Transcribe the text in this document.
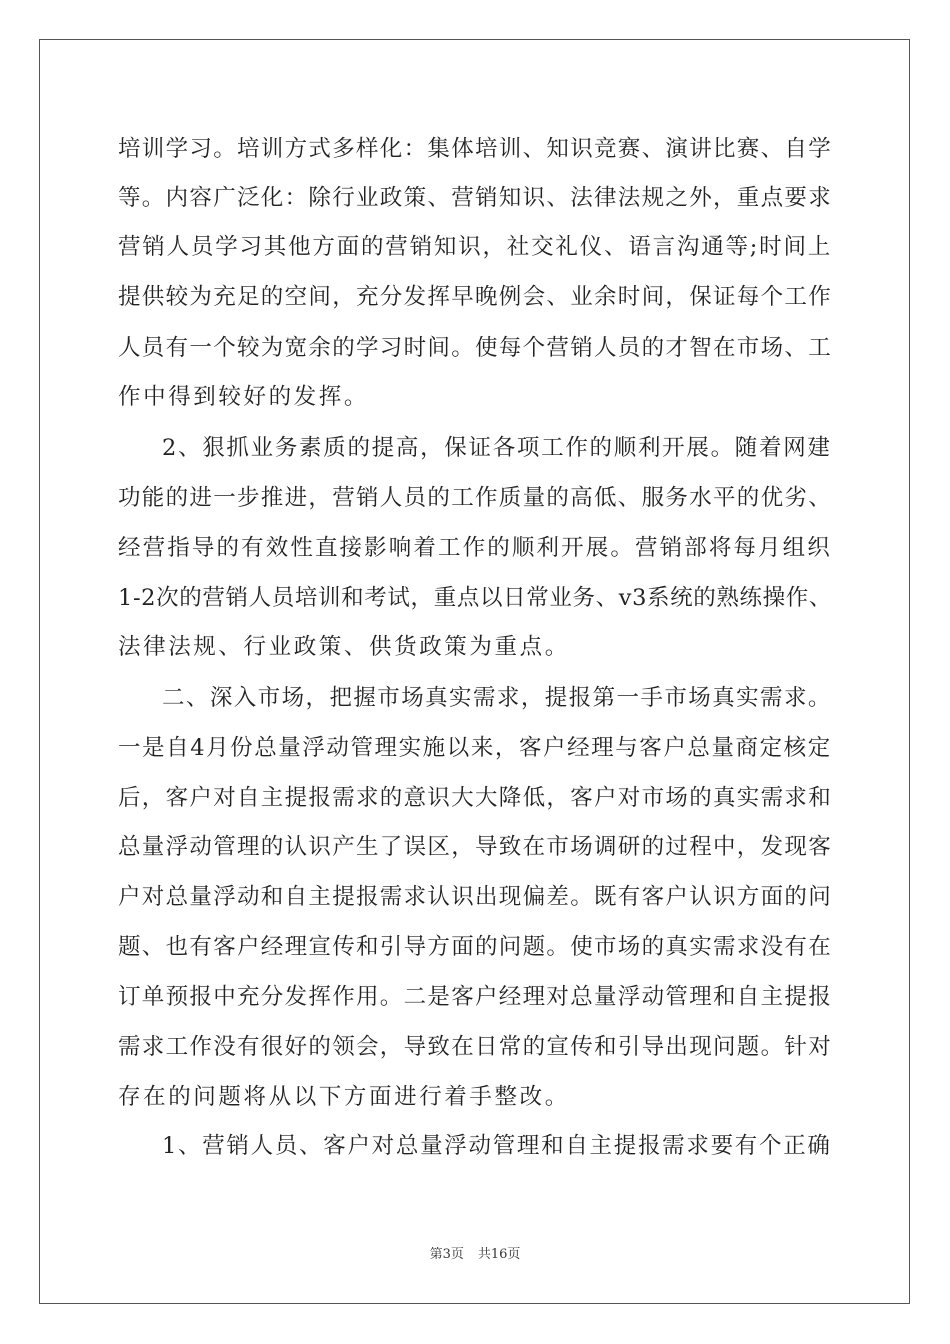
培训学习。培训方式多样化：集体培训、知识竞赛、演讲比赛、自学
等。内容广泛化：除行业政策、营销知识、法律法规之外，重点要求
营销人员学习其他方面的营销知识，社交礼仪、语言沟通等;时间上
提供较为充足的空间，充分发挥早晚例会、业余时间，保证每个工作
人员有一个较为宽余的学习时间。使每个营销人员的才智在市场、工
作中得到较好的发挥。
2、狠抓业务素质的提高，保证各项工作的顺利开展。随着网建
功能的进一步推进，营销人员的工作质量的高低、服务水平的优劣、
经营指导的有效性直接影响着工作的顺利开展。营销部将每月组织
1-2次的营销人员培训和考试，重点以日常业务、v3系统的熟练操作、
法律法规、行业政策、供货政策为重点。
二、深入市场，把握市场真实需求，提报第一手市场真实需求。
一是自4月份总量浮动管理实施以来，客户经理与客户总量商定核定
后，客户对自主提报需求的意识大大降低，客户对市场的真实需求和
总量浮动管理的认识产生了误区，导致在市场调研的过程中，发现客
户对总量浮动和自主提报需求认识出现偏差。既有客户认识方面的问
题、也有客户经理宣传和引导方面的问题。使市场的真实需求没有在
订单预报中充分发挥作用。二是客户经理对总量浮动管理和自主提报
需求工作没有很好的领会，导致在日常的宣传和引导出现问题。针对
存在的问题将从以下方面进行着手整改。
1、营销人员、客户对总量浮动管理和自主提报需求要有个正确
第3页 共16页
